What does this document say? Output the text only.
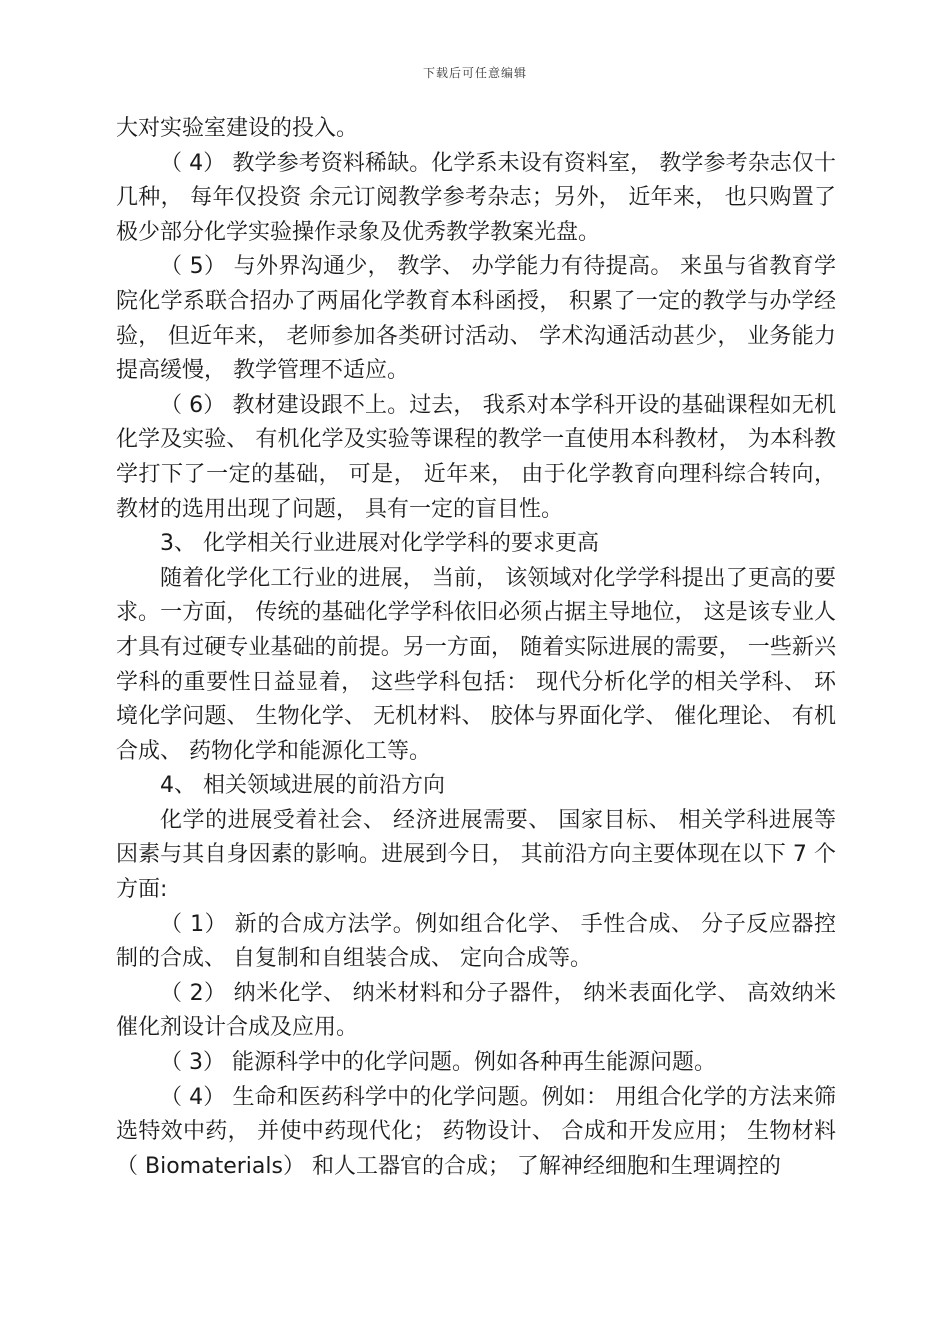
下载后可任意编辑

大对实验室建设的投入。

（ 4） 教学参考资料稀缺。化学系未设有资料室， 教学参考杂志仅十几种， 每年仅投资 余元订阅教学参考杂志；另外， 近年来， 也只购置了极少部分化学实验操作录象及优秀教学教案光盘。

（ 5） 与外界沟通少， 教学、 办学能力有待提高。 来虽与省教育学院化学系联合招办了两届化学教育本科函授， 积累了一定的教学与办学经验， 但近年来， 老师参加各类研讨活动、 学术沟通活动甚少， 业务能力提高缓慢， 教学管理不适应。

（ 6） 教材建设跟不上。过去， 我系对本学科开设的基础课程如无机化学及实验、 有机化学及实验等课程的教学一直使用本科教材， 为本科教学打下了一定的基础， 可是， 近年来， 由于化学教育向理科综合转向， 教材的选用出现了问题， 具有一定的盲目性。

3、 化学相关行业进展对化学学科的要求更高

随着化学化工行业的进展， 当前， 该领域对化学学科提出了更高的要求。一方面， 传统的基础化学学科依旧必须占据主导地位， 这是该专业人才具有过硬专业基础的前提。另一方面， 随着实际进展的需要， 一些新兴学科的重要性日益显着， 这些学科包括： 现代分析化学的相关学科、 环境化学问题、 生物化学、 无机材料、 胶体与界面化学、 催化理论、 有机合成、 药物化学和能源化工等。

4、 相关领域进展的前沿方向

化学的进展受着社会、 经济进展需要、 国家目标、 相关学科进展等因素与其自身因素的影响。进展到今日， 其前沿方向主要体现在以下 7 个方面:

（ 1） 新的合成方法学。例如组合化学、 手性合成、 分子反应器控制的合成、 自复制和自组装合成、 定向合成等。

（ 2） 纳米化学、 纳米材料和分子器件， 纳米表面化学、 高效纳米催化剂设计合成及应用。

（ 3） 能源科学中的化学问题。例如各种再生能源问题。

（ 4） 生命和医药科学中的化学问题。例如： 用组合化学的方法来筛选特效中药， 并使中药现代化； 药物设计、 合成和开发应用； 生物材料（ Biomaterials） 和人工器官的合成； 了解神经细胞和生理调控的
